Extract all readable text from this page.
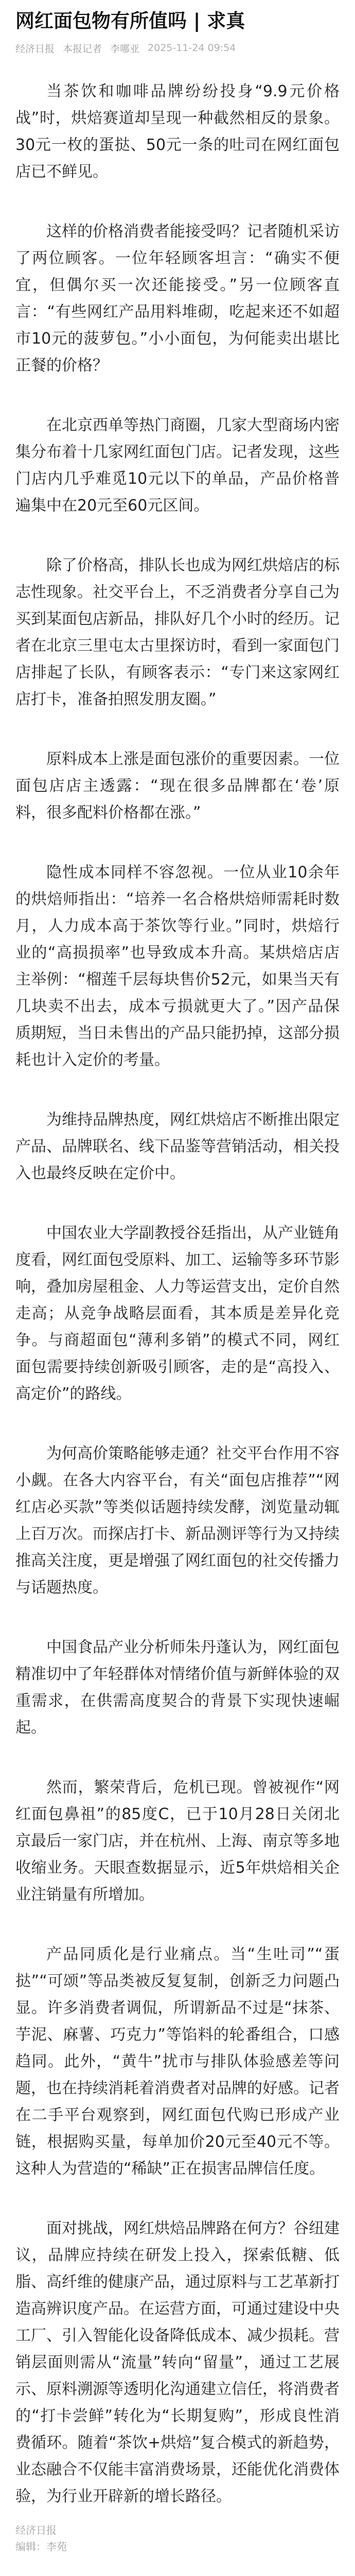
网红面包物有所值吗 | 求真
经济日报 本报记者 李哪亚 2025-11-24 09:54

当茶饮和咖啡品牌纷纷投身“9.9元价格战”时，烘焙赛道却呈现一种截然相反的景象。30元一枚的蛋挞、50元一条的吐司在网红面包店已不鲜见。

这样的价格消费者能接受吗？记者随机采访了两位顾客。一位年轻顾客坦言：“确实不便宜，但偶尔买一次还能接受。”另一位顾客直言：“有些网红产品用料堆砌，吃起来还不如超市10元的菠萝包。”小小面包，为何能卖出堪比正餐的价格？

在北京西单等热门商圈，几家大型商场内密集分布着十几家网红面包门店。记者发现，这些门店内几乎难觅10元以下的单品，产品价格普遍集中在20元至60元区间。

除了价格高，排队长也成为网红烘焙店的标志性现象。社交平台上，不乏消费者分享自己为买到某面包店新品，排队好几个小时的经历。记者在北京三里屯太古里探访时，看到一家面包门店排起了长队，有顾客表示：“专门来这家网红店打卡，准备拍照发朋友圈。”

原料成本上涨是面包涨价的重要因素。一位面包店店主透露：“现在很多品牌都在‘卷’原料，很多配料价格都在涨。”

隐性成本同样不容忽视。一位从业10余年的烘焙师指出：“培养一名合格烘焙师需耗时数月，人力成本高于茶饮等行业。”同时，烘焙行业的“高损损率”也导致成本升高。某烘焙店店主举例：“榴莲千层每块售价52元，如果当天有几块卖不出去，成本亏损就更大了。”因产品保质期短，当日未售出的产品只能扔掉，这部分损耗也计入定价的考量。

为维持品牌热度，网红烘焙店不断推出限定产品、品牌联名、线下品鉴等营销活动，相关投入也最终反映在定价中。

中国农业大学副教授谷廷指出，从产业链角度看，网红面包受原料、加工、运输等多环节影响，叠加房屋租金、人力等运营支出，定价自然走高；从竞争战略层面看，其本质是差异化竞争。与商超面包“薄利多销”的模式不同，网红面包需要持续创新吸引顾客，走的是“高投入、高定价”的路线。

为何高价策略能够走通？社交平台作用不容小觑。在各大内容平台，有关“面包店推荐”“网红店必买款”等类似话题持续发酵，浏览量动辄上百万次。而探店打卡、新品测评等行为又持续推高关注度，更是增强了网红面包的社交传播力与话题热度。

中国食品产业分析师朱丹蓬认为，网红面包精准切中了年轻群体对情绪价值与新鲜体验的双重需求，在供需高度契合的背景下实现快速崛起。

然而，繁荣背后，危机已现。曾被视作“网红面包鼻祖”的85度C，已于10月28日关闭北京最后一家门店，并在杭州、上海、南京等多地收缩业务。天眼查数据显示，近5年烘焙相关企业注销量有所增加。

产品同质化是行业痛点。当“生吐司”“蛋挞”“可颂”等品类被反复复制，创新乏力问题凸显。许多消费者调侃，所谓新品不过是“抹茶、芋泥、麻薯、巧克力”等馅料的轮番组合，口感趋同。此外，“黄牛”扰市与排队体验感差等问题，也在持续消耗着消费者对品牌的好感。记者在二手平台观察到，网红面包代购已形成产业链，根据购买量，每单加价20元至40元不等。这种人为营造的“稀缺”正在损害品牌信任度。

面对挑战，网红烘焙品牌路在何方？谷纽建议，品牌应持续在研发上投入，探索低糖、低脂、高纤维的健康产品，通过原料与工艺革新打造高辨识度产品。在运营方面，可通过建设中央工厂、引入智能化设备降低成本、减少损耗。营销层面则需从“流量”转向“留量”，通过工艺展示、原料溯源等透明化沟通建立信任，将消费者的“打卡尝鲜”转化为“长期复购”，形成良性消费循环。随着“茶饮+烘焙”复合模式的新趋势，业态融合不仅能丰富消费场景，还能优化消费体验，为行业开辟新的增长路径。

经济日报
编辑：李苑
